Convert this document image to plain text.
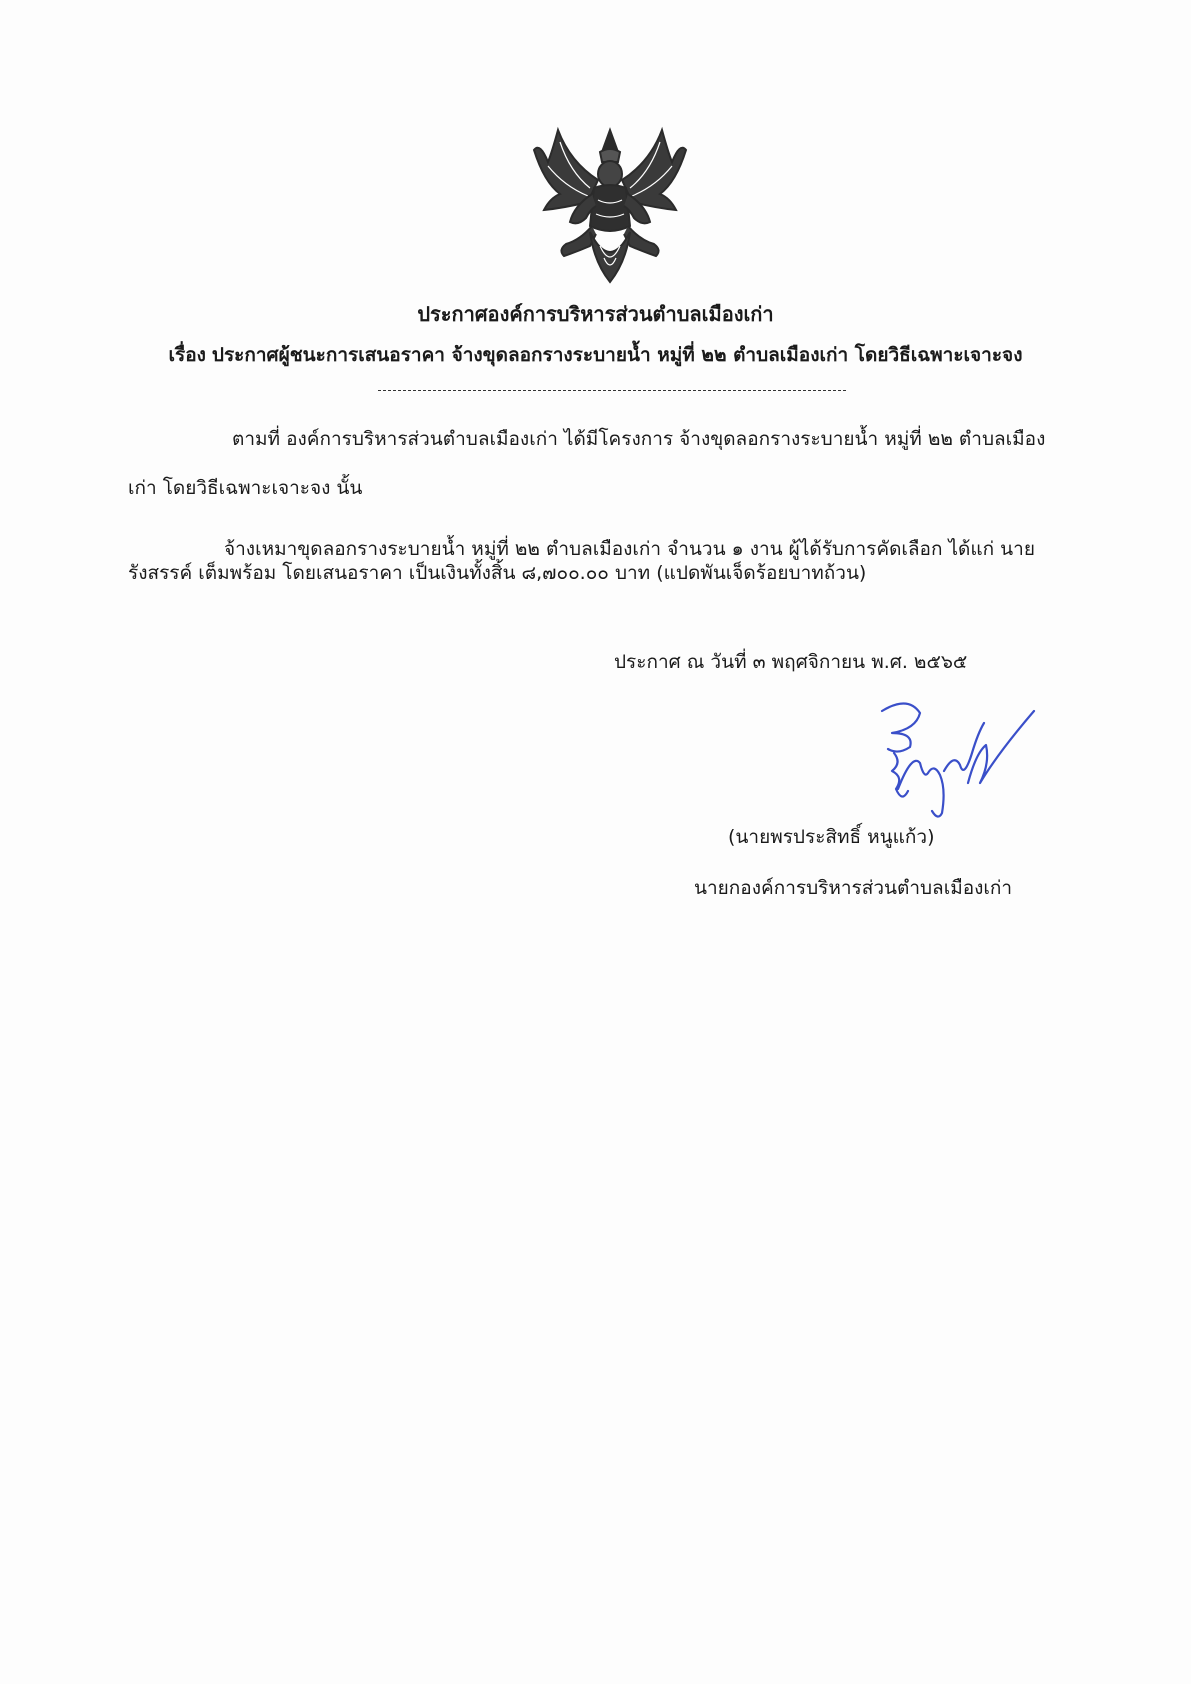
ประกาศองค์การบริหารส่วนตำบลเมืองเก่า
เรื่อง ประกาศผู้ชนะการเสนอราคา จ้างขุดลอกรางระบายน้ำ หมู่ที่ ๒๒ ตำบลเมืองเก่า โดยวิธีเฉพาะเจาะจง
ตามที่ องค์การบริหารส่วนตำบลเมืองเก่า ได้มีโครงการ จ้างขุดลอกรางระบายน้ำ หมู่ที่ ๒๒ ตำบลเมือง
เก่า โดยวิธีเฉพาะเจาะจง นั้น
จ้างเหมาขุดลอกรางระบายน้ำ หมู่ที่ ๒๒ ตำบลเมืองเก่า จำนวน ๑ งาน ผู้ได้รับการคัดเลือก ได้แก่ นาย
รังสรรค์ เต็มพร้อม โดยเสนอราคา เป็นเงินทั้งสิ้น ๘,๗๐๐.๐๐ บาท (แปดพันเจ็ดร้อยบาทถ้วน)
ประกาศ ณ วันที่ ๓ พฤศจิกายน พ.ศ. ๒๕๖๕
(นายพรประสิทธิ์ หนูแก้ว)
นายกองค์การบริหารส่วนตำบลเมืองเก่า
